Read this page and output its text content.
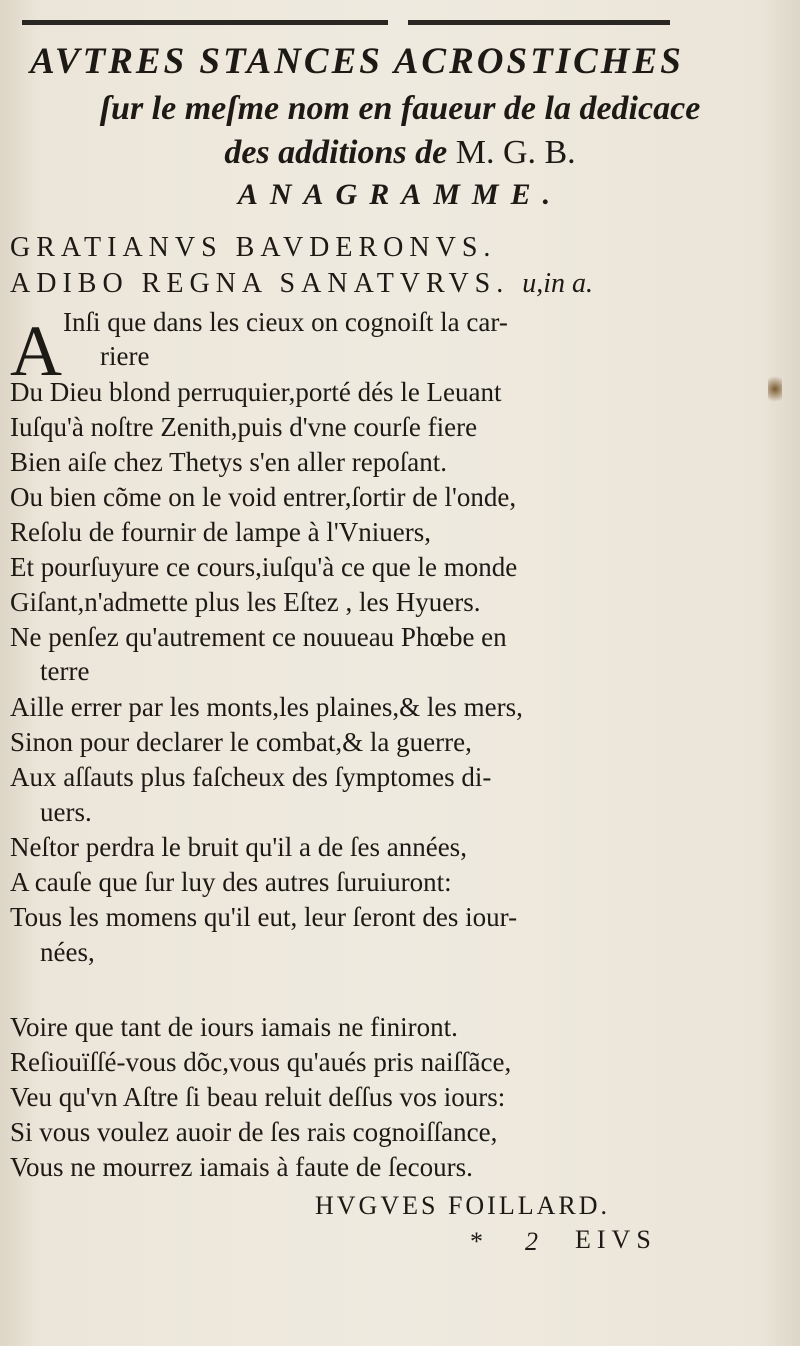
AVTRES STANCES ACROSTICHES
ſur le meſme nom en faueur de la dedicace
des additions de M. G. B.
ANAGRAMME.
GRATIANVS BAVDERONVS.
ADIBO REGNA SANATVRVS. u,in a.
A Inſi que dans les cieux on cognoiſt la car-
riere
Du Dieu blond perruquier,porté dés le Leuant
Iuſqu'à noſtre Zenith,puis d'vne courſe fiere
Bien aiſe chez Thetys s'en aller repoſant.
Ou bien cõme on le void entrer,ſortir de l'onde,
Reſolu de fournir de lampe à l'Vniuers,
Et pourſuyure ce cours,iuſqu'à ce que le monde
Giſant,n'admette plus les Eſtez , les Hyuers.
Ne penſez qu'autrement ce nouueau Phœbe en
terre
Aille errer par les monts,les plaines,& les mers,
Sinon pour declarer le combat,& la guerre,
Aux aſſauts plus faſcheux des ſymptomes di-
uers.
Neſtor perdra le bruit qu'il a de ſes années,
A cauſe que ſur luy des autres ſuruiuront:
Tous les momens qu'il eut, leur ſeront des iour-
nées,
Voire que tant de iours iamais ne finiront.
Reſiouïſſé-vous dõc,vous qu'aués pris naiſſãce,
Veu qu'vn Aſtre ſi beau reluit deſſus vos iours:
Si vous voulez auoir de ſes rais cognoiſſance,
Vous ne mourrez iamais à faute de ſecours.
HVGVES FOILLARD.
* 2 EIVS
